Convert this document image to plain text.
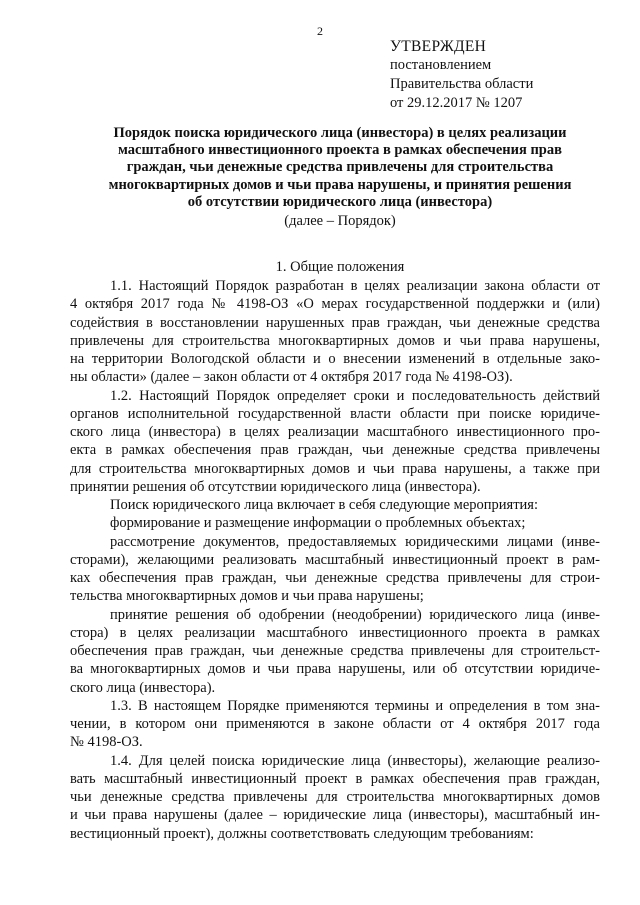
2
УТВЕРЖДЕН
постановлением
Правительства области
от 29.12.2017 № 1207
Порядок поиска юридического лица (инвестора) в целях реализации
масштабного инвестиционного проекта в рамках обеспечения прав
граждан, чьи денежные средства привлечены для строительства
многоквартирных домов и чьи права нарушены, и принятия решения
об отсутствии юридического лица (инвестора)
(далее – Порядок)
1. Общие положения
1.1. Настоящий Порядок разработан в целях реализации закона области от
4 октября 2017 года № 4198-ОЗ «О мерах государственной поддержки и (или)
содействия в восстановлении нарушенных прав граждан, чьи денежные средства
привлечены для строительства многоквартирных домов и чьи права нарушены,
на территории Вологодской области и о внесении изменений в отдельные зако-
ны области» (далее – закон области от 4 октября 2017 года № 4198-ОЗ).
1.2. Настоящий Порядок определяет сроки и последовательность действий
органов исполнительной государственной власти области при поиске юридиче-
ского лица (инвестора) в целях реализации масштабного инвестиционного про-
екта в рамках обеспечения прав граждан, чьи денежные средства привлечены
для строительства многоквартирных домов и чьи права нарушены, а также при
принятии решения об отсутствии юридического лица (инвестора).
Поиск юридического лица включает в себя следующие мероприятия:
формирование и размещение информации о проблемных объектах;
рассмотрение документов, предоставляемых юридическими лицами (инве-
сторами), желающими реализовать масштабный инвестиционный проект в рам-
ках обеспечения прав граждан, чьи денежные средства привлечены для строи-
тельства многоквартирных домов и чьи права нарушены;
принятие решения об одобрении (неодобрении) юридического лица (инве-
стора) в целях реализации масштабного инвестиционного проекта в рамках
обеспечения прав граждан, чьи денежные средства привлечены для строительст-
ва многоквартирных домов и чьи права нарушены, или об отсутствии юридиче-
ского лица (инвестора).
1.3. В настоящем Порядке применяются термины и определения в том зна-
чении, в котором они применяются в законе области от 4 октября 2017 года
№ 4198-ОЗ.
1.4. Для целей поиска юридические лица (инвесторы), желающие реализо-
вать масштабный инвестиционный проект в рамках обеспечения прав граждан,
чьи денежные средства привлечены для строительства многоквартирных домов
и чьи права нарушены (далее – юридические лица (инвесторы), масштабный ин-
вестиционный проект), должны соответствовать следующим требованиям:
